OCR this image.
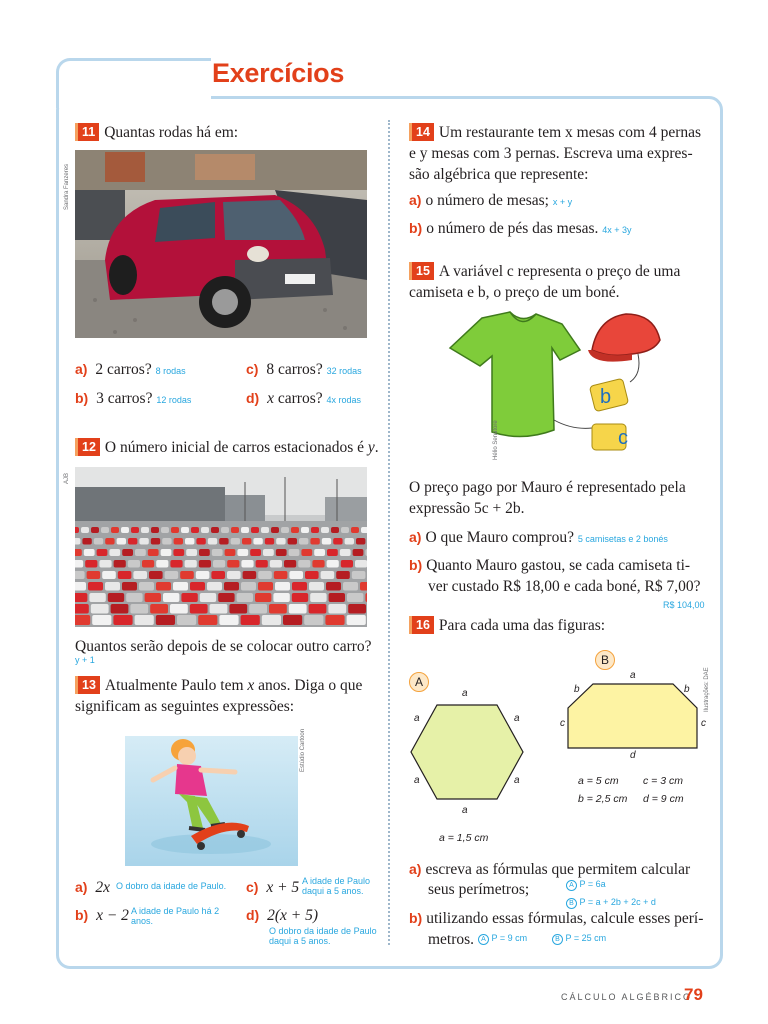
Exercícios
11 Quantas rodas há em:
Sandra Fanzeres
a) 2 carros? 8 rodas
b) 3 carros? 12 rodas
c) 8 carros? 32 rodas
d) x carros? 4x rodas
12 O número inicial de carros estacionados é y.
AJB
Quantos serão depois de se colocar outro carro?
y + 1
13 Atualmente Paulo tem x anos. Diga o que
significam as seguintes expressões:
Estúdio Cartoon
a) 2x O dobro da idade de Paulo.
b) x − 2 A idade de Paulo há 2 anos.
c) x + 5 A idade de Paulo daqui a 5 anos.
d) 2(x + 5)
O dobro da idade de Paulo daqui a 5 anos.
14 Um restaurante tem x mesas com 4 pernas
e y mesas com 3 pernas. Escreva uma expres-
são algébrica que represente:
a) o número de mesas; x + y
b) o número de pés das mesas. 4x + 3y
15 A variável c representa o preço de uma
camiseta e b, o preço de um boné.
b
c
Hélio Senatore
O preço pago por Mauro é representado pela
expressão 5c + 2b.
a) O que Mauro comprou? 5 camisetas e 2 bonés
b) Quanto Mauro gastou, se cada camiseta ti-
ver custado R$ 18,00 e cada boné, R$ 7,00?
R$ 104,00
16 Para cada uma das figuras:
Ilustrações: DAE
A
a
a	a
a	a
a
a = 1,5 cm
B
a
b	b
c	c
d
a = 5 cm c = 3 cm
b = 2,5 cm d = 9 cm
a) escreva as fórmulas que permitem calcular
seus perímetros;	A P = 6a
B P = a + 2b + 2c + d
b) utilizando essas fórmulas, calcule esses perí-
metros.	A P = 9 cm	B P = 25 cm
CÁLCULO ALGÉBRICO
79
